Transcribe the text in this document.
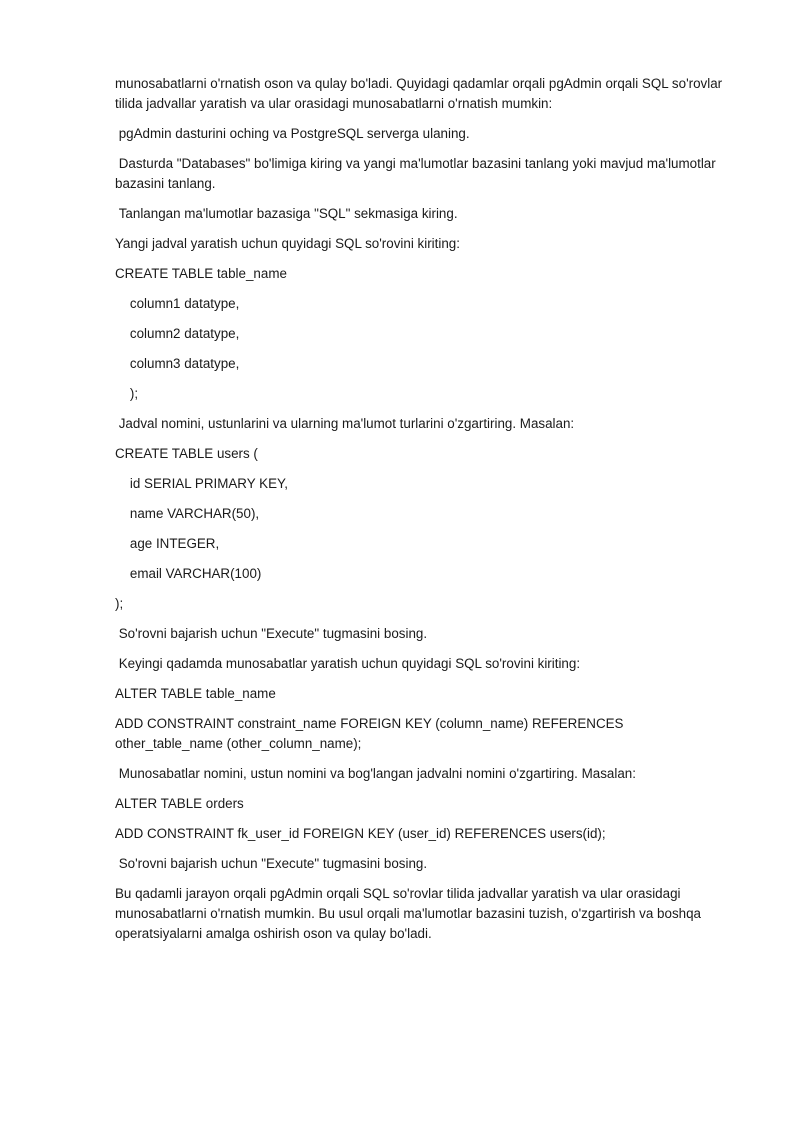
munosabatlarni o'rnatish oson va qulay bo'ladi. Quyidagi qadamlar orqali pgAdmin orqali SQL so'rovlar tilida jadvallar yaratish va ular orasidagi munosabatlarni o'rnatish mumkin:

pgAdmin dasturini oching va PostgreSQL serverga ulaning.

Dasturda "Databases" bo'limiga kiring va yangi ma'lumotlar bazasini tanlang yoki mavjud ma'lumotlar bazasini tanlang.

Tanlangan ma'lumotlar bazasiga "SQL" sekmasiga kiring.

Yangi jadval yaratish uchun quyidagi SQL so'rovini kiriting:

CREATE TABLE table_name

column1 datatype,

column2 datatype,

column3 datatype,

);

Jadval nomini, ustunlarini va ularning ma'lumot turlarini o'zgartiring. Masalan:

CREATE TABLE users (

id SERIAL PRIMARY KEY,

name VARCHAR(50),

age INTEGER,

email VARCHAR(100)

);

So'rovni bajarish uchun "Execute" tugmasini bosing.

Keyingi qadamda munosabatlar yaratish uchun quyidagi SQL so'rovini kiriting:

ALTER TABLE table_name

ADD CONSTRAINT constraint_name FOREIGN KEY (column_name) REFERENCES other_table_name (other_column_name);

Munosabatlar nomini, ustun nomini va bog'langan jadvalni nomini o'zgartiring. Masalan:

ALTER TABLE orders

ADD CONSTRAINT fk_user_id FOREIGN KEY (user_id) REFERENCES users(id);

So'rovni bajarish uchun "Execute" tugmasini bosing.

Bu qadamli jarayon orqali pgAdmin orqali SQL so'rovlar tilida jadvallar yaratish va ular orasidagi munosabatlarni o'rnatish mumkin. Bu usul orqali ma'lumotlar bazasini tuzish, o'zgartirish va boshqa operatsiyalarni amalga oshirish oson va qulay bo'ladi.
